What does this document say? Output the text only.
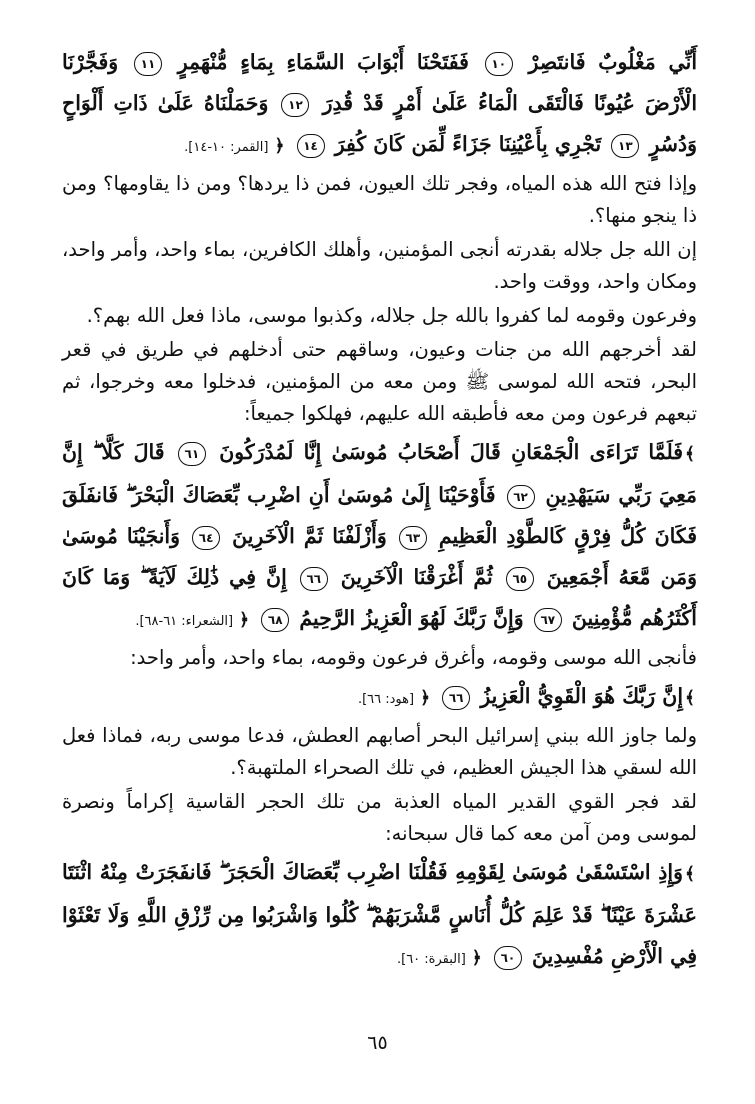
أَنِّي مَغْلُوبٌ فَانتَصِرْ ١٠ فَفَتَحْنَا أَبْوَابَ السَّمَاءِ بِمَاءٍ مُّنْهَمِرٍ ١١ وَفَجَّرْنَا الْأَرْضَ عُيُونًا فَالْتَقَى الْمَاءُ عَلَىٰ أَمْرٍ قَدْ قُدِرَ ١٢ وَحَمَلْنَاهُ عَلَىٰ ذَاتِ أَلْوَاحٍ وَدُسُرٍ ١٣ تَجْرِي بِأَعْيُنِنَا جَزَاءً لِّمَن كَانَ كُفِرَ ١٤ ﴿[القمر: ١٠-١٤].

وإذا فتح الله هذه المياه، وفجر تلك العيون، فمن ذا يردها؟ ومن ذا يقاومها؟ ومن ذا ينجو منها؟.

إن الله جل جلاله بقدرته أنجى المؤمنين، وأهلك الكافرين، بماء واحد، وأمر واحد، ومكان واحد، ووقت واحد.

وفرعون وقومه لما كفروا بالله جل جلاله، وكذبوا موسى، ماذا فعل الله بهم؟.

لقد أخرجهم الله من جنات وعيون، وساقهم حتى أدخلهم في طريق في قعر البحر، فتحه الله لموسى ﷺ ومن معه من المؤمنين، فدخلوا معه وخرجوا، ثم تبعهم فرعون ومن معه فأطبقه الله عليهم، فهلكوا جميعاً:

﴾فَلَمَّا تَرَاءَى الْجَمْعَانِ قَالَ أَصْحَابُ مُوسَىٰ إِنَّا لَمُدْرَكُونَ ٦١ قَالَ كَلَّا ۖ إِنَّ مَعِيَ رَبِّي سَيَهْدِينِ ٦٢ فَأَوْحَيْنَا إِلَىٰ مُوسَىٰ أَنِ اضْرِب بِّعَصَاكَ الْبَحْرَ ۖ فَانفَلَقَ فَكَانَ كُلُّ فِرْقٍ كَالطَّوْدِ الْعَظِيمِ ٦٣ وَأَزْلَفْنَا ثَمَّ الْآخَرِينَ ٦٤ وَأَنجَيْنَا مُوسَىٰ وَمَن مَّعَهُ أَجْمَعِينَ ٦٥ ثُمَّ أَغْرَقْنَا الْآخَرِينَ ٦٦ إِنَّ فِي ذَٰلِكَ لَآيَةً ۖ وَمَا كَانَ أَكْثَرُهُم مُّؤْمِنِينَ ٦٧ وَإِنَّ رَبَّكَ لَهُوَ الْعَزِيزُ الرَّحِيمُ ٦٨ ﴿[الشعراء: ٦١-٦٨].

فأنجى الله موسى وقومه، وأغرق فرعون وقومه، بماء واحد، وأمر واحد:

﴾إِنَّ رَبَّكَ هُوَ الْقَوِيُّ الْعَزِيزُ ٦٦ ﴿[هود: ٦٦].

ولما جاوز الله ببني إسرائيل البحر أصابهم العطش، فدعا موسى ربه، فماذا فعل الله لسقي هذا الجيش العظيم، في تلك الصحراء الملتهبة؟.

لقد فجر القوي القدير المياه العذبة من تلك الحجر القاسية إكراماً ونصرة لموسى ومن آمن معه كما قال سبحانه:

﴾وَإِذِ اسْتَسْقَىٰ مُوسَىٰ لِقَوْمِهِ فَقُلْنَا اضْرِب بِّعَصَاكَ الْحَجَرَ ۖ فَانفَجَرَتْ مِنْهُ اثْنَتَا عَشْرَةَ عَيْنًا ۖ قَدْ عَلِمَ كُلُّ أُنَاسٍ مَّشْرَبَهُمْ ۖ كُلُوا وَاشْرَبُوا مِن رِّزْقِ اللَّهِ وَلَا تَعْثَوْا فِي الْأَرْضِ مُفْسِدِينَ ٦٠ ﴿[البقرة: ٦٠].

٦٥
